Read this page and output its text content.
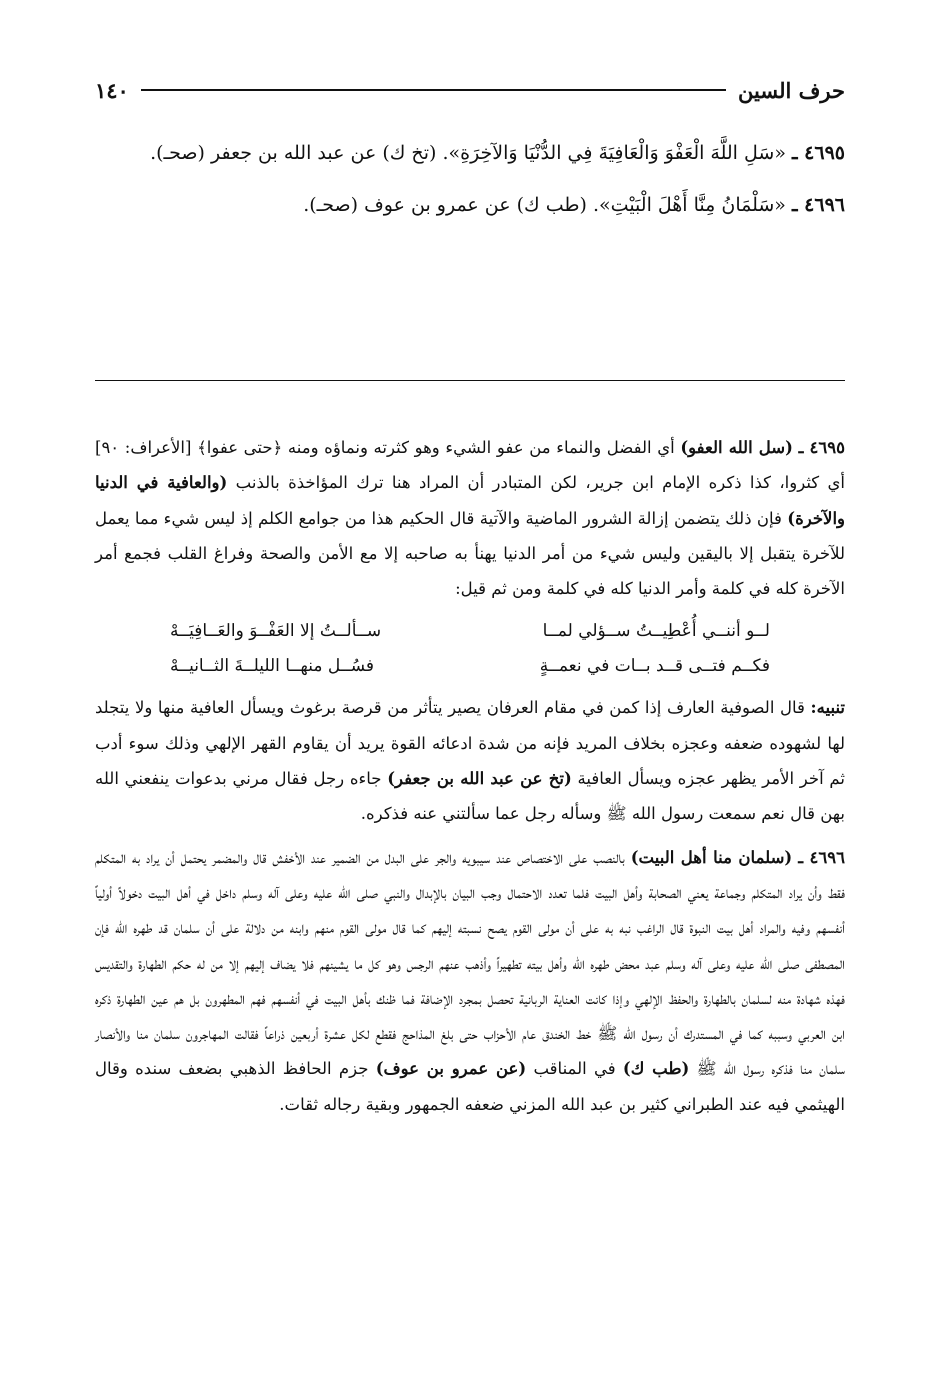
حرف السين
١٤٠

٤٦٩٥ ـ «سَلِ اللَّهَ الْعَفْوَ وَالْعَافِيَةَ فِي الدُّنْيَا وَالآخِرَةِ». (تخ ك) عن عبد الله بن جعفر (صحـ).

٤٦٩٦ ـ «سَلْمَانُ مِنَّا أَهْلَ الْبَيْتِ». (طب ك) عن عمرو بن عوف (صحـ).

٤٦٩٥ ـ (سل الله العفو) أي الفضل والنماء من عفو الشيء وهو كثرته ونماؤه ومنه ﴿حتى عفوا﴾ [الأعراف: ٩٠] أي كثروا، كذا ذكره الإمام ابن جرير، لكن المتبادر أن المراد هنا ترك المؤاخذة بالذنب (والعافية في الدنيا والآخرة) فإن ذلك يتضمن إزالة الشرور الماضية والآتية قال الحكيم هذا من جوامع الكلم إذ ليس شيء مما يعمل للآخرة يتقبل إلا باليقين وليس شيء من أمر الدنيا يهنأ به صاحبه إلا مع الأمن والصحة وفراغ القلب فجمع أمر الآخرة كله في كلمة وأمر الدنيا كله في كلمة ومن ثم قيل:

لــو أننــي أُعْطِيــتُ ســؤلي لمــا
ســألــتُ إلا العَفْــوَ والعَــافِيَــهْ
فكــم فتــى قــد بــات في نعمــةٍ
فسُــل منهــا الليلــةَ الثــانيــهْ

تنبيه: قال الصوفية العارف إذا كمن في مقام العرفان يصير يتأثر من قرصة برغوث ويسأل العافية منها ولا يتجلد لها لشهوده ضعفه وعجزه بخلاف المريد فإنه من شدة ادعائه القوة يريد أن يقاوم القهر الإلهي وذلك سوء أدب ثم آخر الأمر يظهر عجزه ويسأل العافية (تخ عن عبد الله بن جعفر) جاءه رجل فقال مرني بدعوات ينفعني الله بهن قال نعم سمعت رسول الله ﷺ وسأله رجل عما سألتني عنه فذكره.

٤٦٩٦ ـ (سلمان منا أهل البيت) بالنصب على الاختصاص عند سيبويه والجر على البدل من الضمير عند الأخفش قال والمضمر يحتمل أن يراد به المتكلم فقط وأن يراد المتكلم وجماعة يعني الصحابة وأهل البيت فلما تعدد الاحتمال وجب البيان بالإبدال والنبي صلى الله عليه وعلى آله وسلم داخل في أهل البيت دخولاً أولياً أنفسهم وفيه والمراد أهل بيت النبوة قال الراغب نبه به على أن مولى القوم يصح نسبته إليهم كما قال مولى القوم منهم وابنه من دلالة على أن سلمان قد طهره الله فإن المصطفى صلى الله عليه وعلى آله وسلم عبد محض طهره الله وأهل بيته تطهيراً وأذهب عنهم الرجس وهو كل ما يشينهم فلا يضاف إليهم إلا من له حكم الطهارة والتقديس فهذه شهادة منه لسلمان بالطهارة والحفظ الإلهي وإذا كانت العناية الربانية تحصل بمجرد الإضافة فما ظنك بأهل البيت في أنفسهم فهم المطهرون بل هم عين الطهارة ذكره ابن العربي وسببه كما في المستدرك أن رسول الله ﷺ خط الخندق عام الأحزاب حتى بلغ المذاحج فقطع لكل عشرة أربعين ذراعاً فقالت المهاجرون سلمان منا والأنصار سلمان منا فذكره رسول الله ﷺ (طب ك) في المناقب (عن عمرو بن عوف) جزم الحافظ الذهبي بضعف سنده وقال الهيثمي فيه عند الطبراني كثير بن عبد الله المزني ضعفه الجمهور وبقية رجاله ثقات.
